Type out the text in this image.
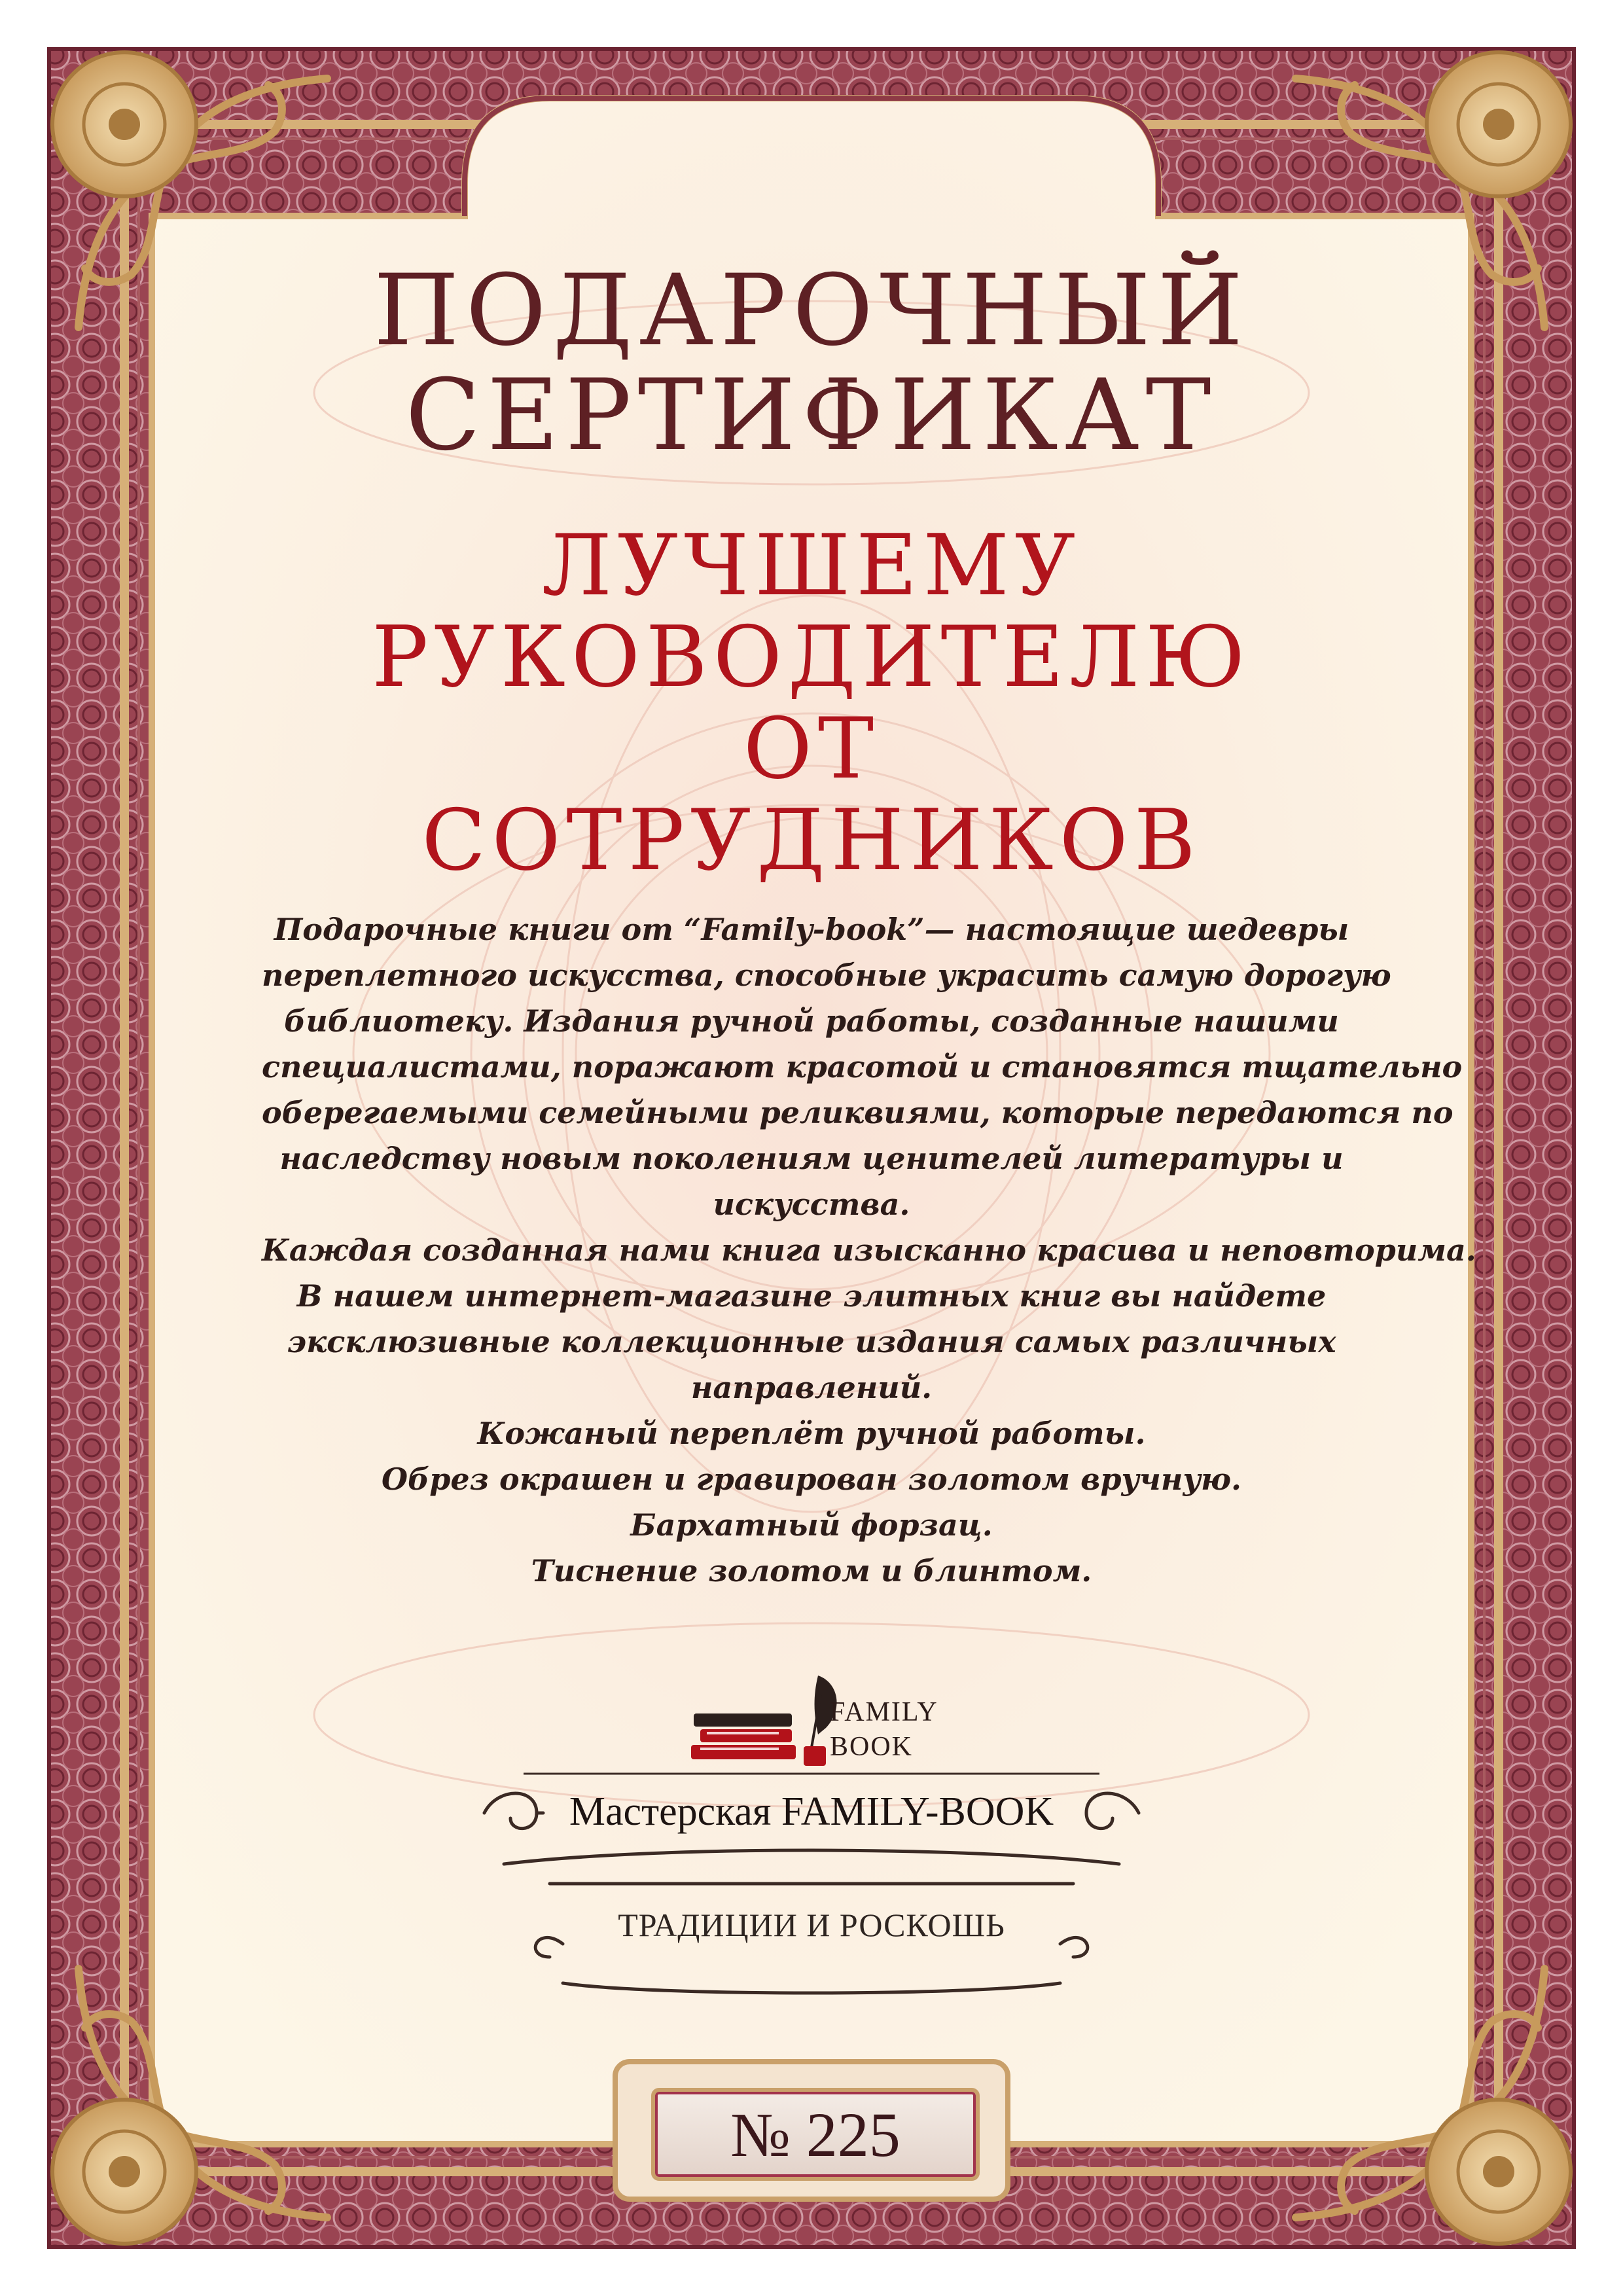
ПОДАРОЧНЫЙ
СЕРТИФИКАТ
ЛУЧШЕМУ
РУКОВОДИТЕЛЮ
ОТ
СОТРУДНИКОВ
Подарочные книги от “Family-book”— настоящие шедевры
переплетного искусства, способные украсить самую дорогую
библиотеку. Издания ручной работы, созданные нашими
специалистами, поражают красотой и становятся тщательно
оберегаемыми семейными реликвиями, которые передаются по
наследству новым поколениям ценителей литературы и
искусства.
Каждая созданная нами книга изысканно красива и неповторима.
В нашем интернет-магазине элитных книг вы найдете
эксклюзивные коллекционные издания самых различных
направлений.
Кожаный переплёт ручной работы.
Обрез окрашен и гравирован золотом вручную.
Бархатный форзац.
Тиснение золотом и блинтом.
FAMILY
BOOK
Мастерская FAMILY-BOOK
ТРАДИЦИИ И РОСКОШЬ
№ 225
